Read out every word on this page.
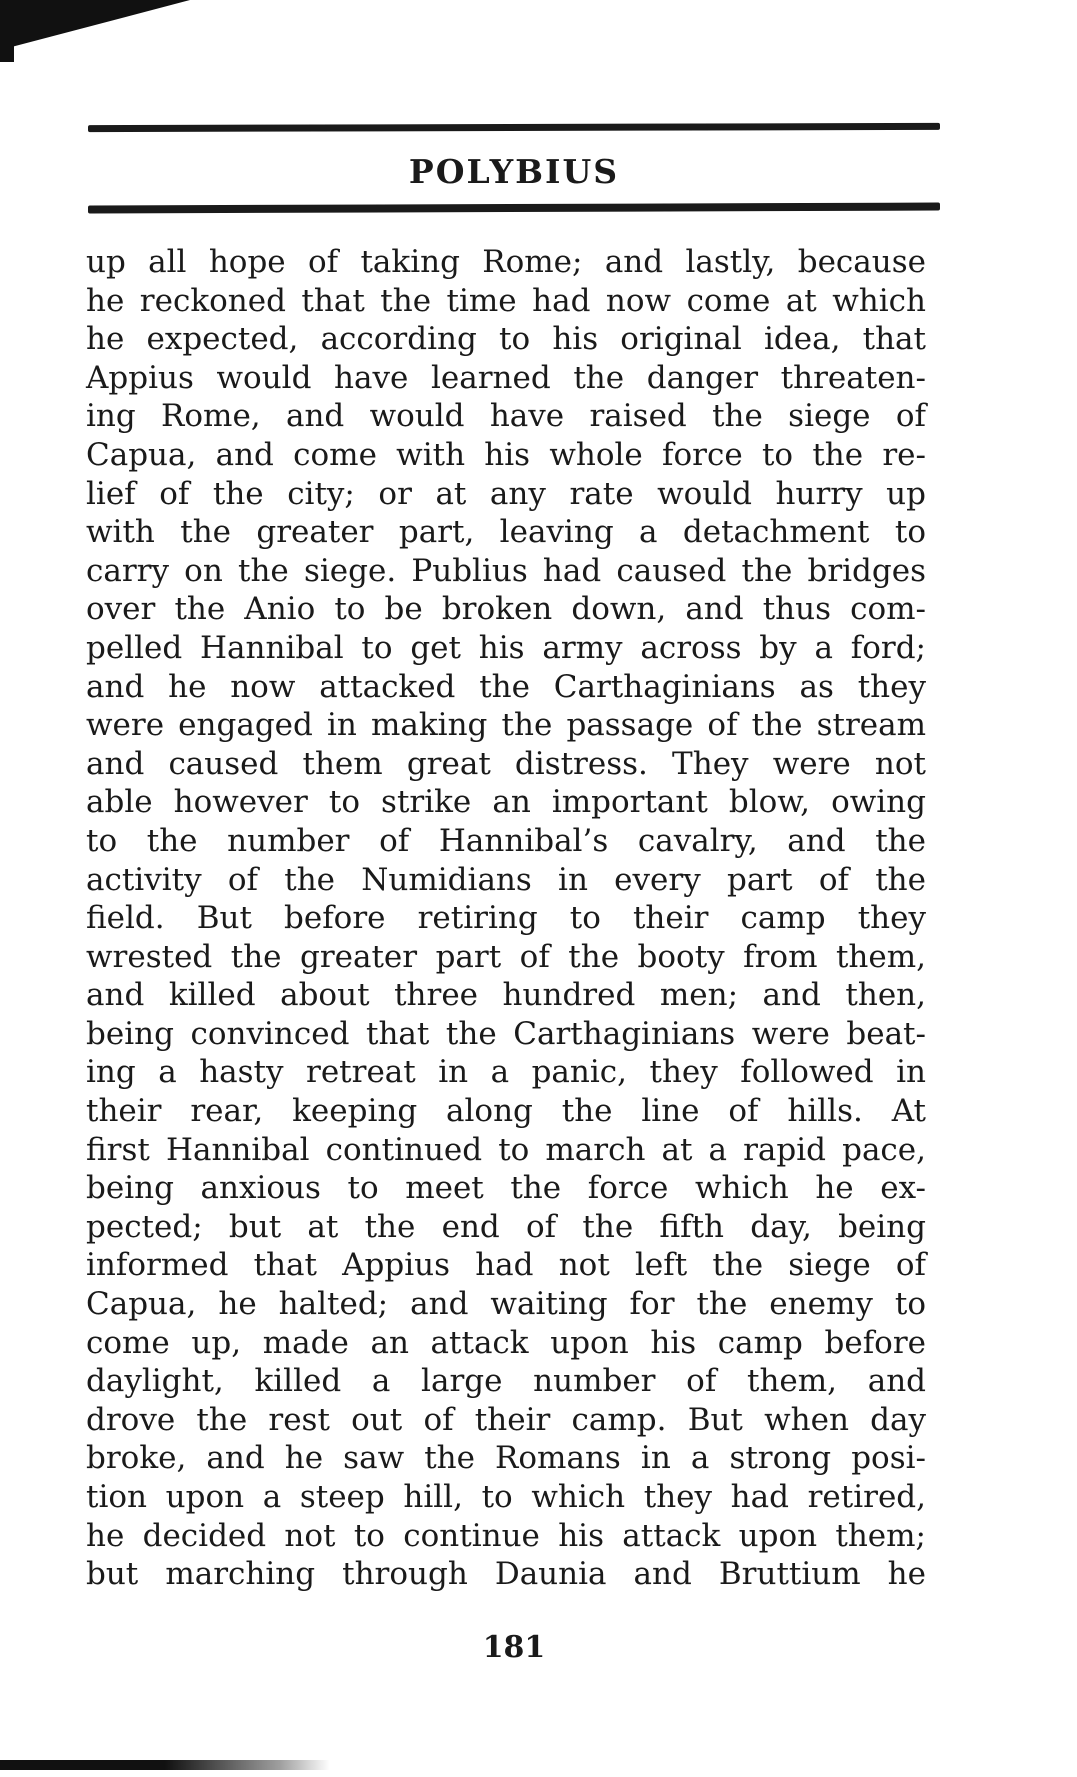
POLYBIUS
up all hope of taking Rome; and lastly, because
he reckoned that the time had now come at which
he expected, according to his original idea, that
Appius would have learned the danger threaten-
ing Rome, and would have raised the siege of
Capua, and come with his whole force to the re-
lief of the city; or at any rate would hurry up
with the greater part, leaving a detachment to
carry on the siege. Publius had caused the bridges
over the Anio to be broken down, and thus com-
pelled Hannibal to get his army across by a ford;
and he now attacked the Carthaginians as they
were engaged in making the passage of the stream
and caused them great distress. They were not
able however to strike an important blow, owing
to the number of Hannibal’s cavalry, and the
activity of the Numidians in every part of the
field. But before retiring to their camp they
wrested the greater part of the booty from them,
and killed about three hundred men; and then,
being convinced that the Carthaginians were beat-
ing a hasty retreat in a panic, they followed in
their rear, keeping along the line of hills. At
first Hannibal continued to march at a rapid pace,
being anxious to meet the force which he ex-
pected; but at the end of the fifth day, being
informed that Appius had not left the siege of
Capua, he halted; and waiting for the enemy to
come up, made an attack upon his camp before
daylight, killed a large number of them, and
drove the rest out of their camp. But when day
broke, and he saw the Romans in a strong posi-
tion upon a steep hill, to which they had retired,
he decided not to continue his attack upon them;
but marching through Daunia and Bruttium he
181
